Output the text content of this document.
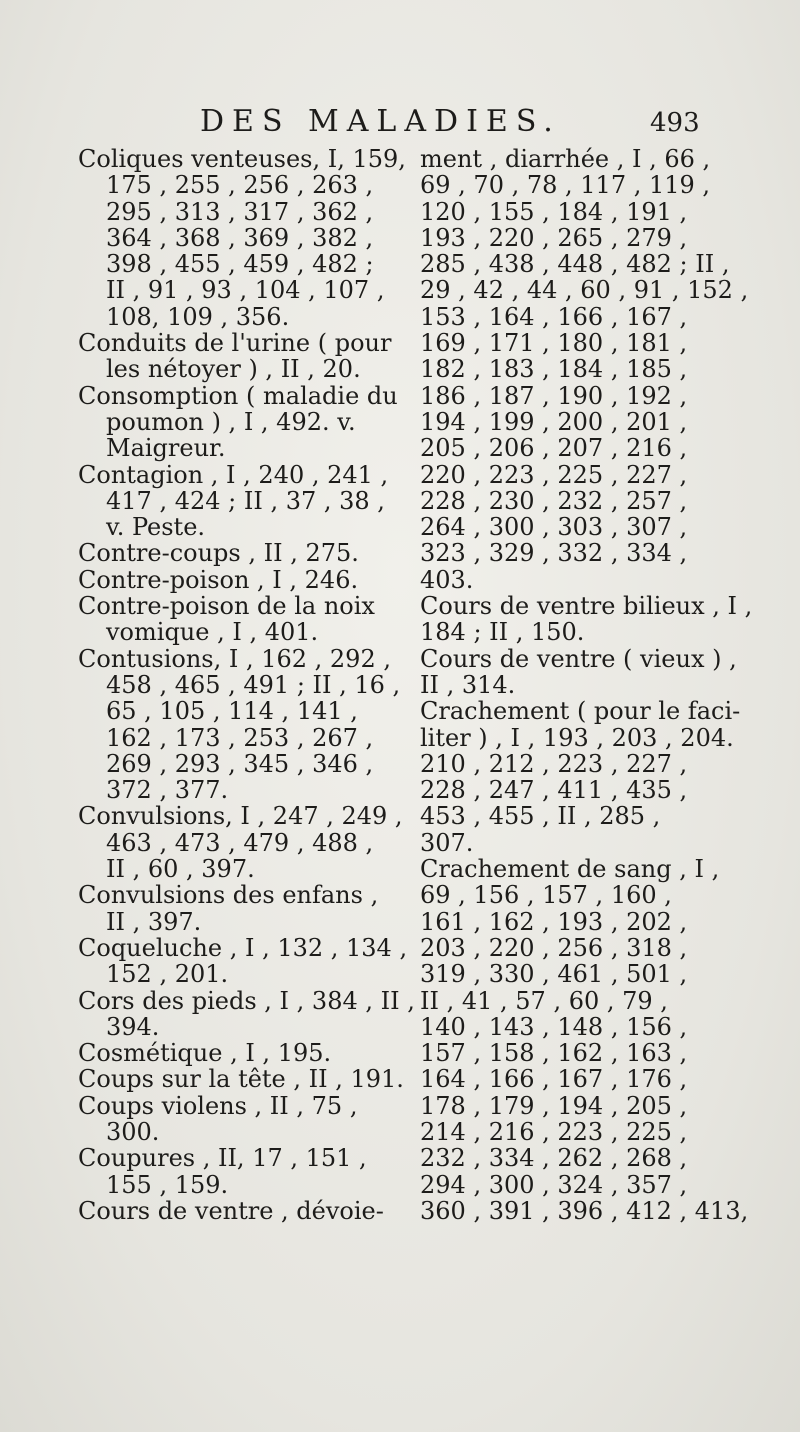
DES MALADIES.	493
Coliques venteuses, I, 159,
175 , 255 , 256 , 263 ,
295 , 313 , 317 , 362 ,
364 , 368 , 369 , 382 ,
398 , 455 , 459 , 482 ;
II , 91 , 93 , 104 , 107 ,
108, 109 , 356.
Conduits de l'urine ( pour
les nétoyer ) , II , 20.
Consomption ( maladie du
poumon ) , I , 492. v.
Maigreur.
Contagion , I , 240 , 241 ,
417 , 424 ; II , 37 , 38 ,
v. Peste.
Contre-coups , II , 275.
Contre-poison , I , 246.
Contre-poison de la noix
vomique , I , 401.
Contusions, I , 162 , 292 ,
458 , 465 , 491 ; II , 16 ,
65 , 105 , 114 , 141 ,
162 , 173 , 253 , 267 ,
269 , 293 , 345 , 346 ,
372 , 377.
Convulsions, I , 247 , 249 ,
463 , 473 , 479 , 488 ,
II , 60 , 397.
Convulsions des enfans ,
II , 397.
Coqueluche , I , 132 , 134 ,
152 , 201.
Cors des pieds , I , 384 , II ,
394.
Cosmétique , I , 195.
Coups sur la tête , II , 191.
Coups violens , II , 75 ,
300.
Coupures , II, 17 , 151 ,
155 , 159.
Cours de ventre , dévoie-
ment , diarrhée , I , 66 ,
69 , 70 , 78 , 117 , 119 ,
120 , 155 , 184 , 191 ,
193 , 220 , 265 , 279 ,
285 , 438 , 448 , 482 ; II ,
29 , 42 , 44 , 60 , 91 , 152 ,
153 , 164 , 166 , 167 ,
169 , 171 , 180 , 181 ,
182 , 183 , 184 , 185 ,
186 , 187 , 190 , 192 ,
194 , 199 , 200 , 201 ,
205 , 206 , 207 , 216 ,
220 , 223 , 225 , 227 ,
228 , 230 , 232 , 257 ,
264 , 300 , 303 , 307 ,
323 , 329 , 332 , 334 ,
403.
Cours de ventre bilieux , I ,
184 ; II , 150.
Cours de ventre ( vieux ) ,
II , 314.
Crachement ( pour le faci-
liter ) , I , 193 , 203 , 204.
210 , 212 , 223 , 227 ,
228 , 247 , 411 , 435 ,
453 , 455 , II , 285 ,
307.
Crachement de sang , I ,
69 , 156 , 157 , 160 ,
161 , 162 , 193 , 202 ,
203 , 220 , 256 , 318 ,
319 , 330 , 461 , 501 ,
II , 41 , 57 , 60 , 79 ,
140 , 143 , 148 , 156 ,
157 , 158 , 162 , 163 ,
164 , 166 , 167 , 176 ,
178 , 179 , 194 , 205 ,
214 , 216 , 223 , 225 ,
232 , 334 , 262 , 268 ,
294 , 300 , 324 , 357 ,
360 , 391 , 396 , 412 , 413,
